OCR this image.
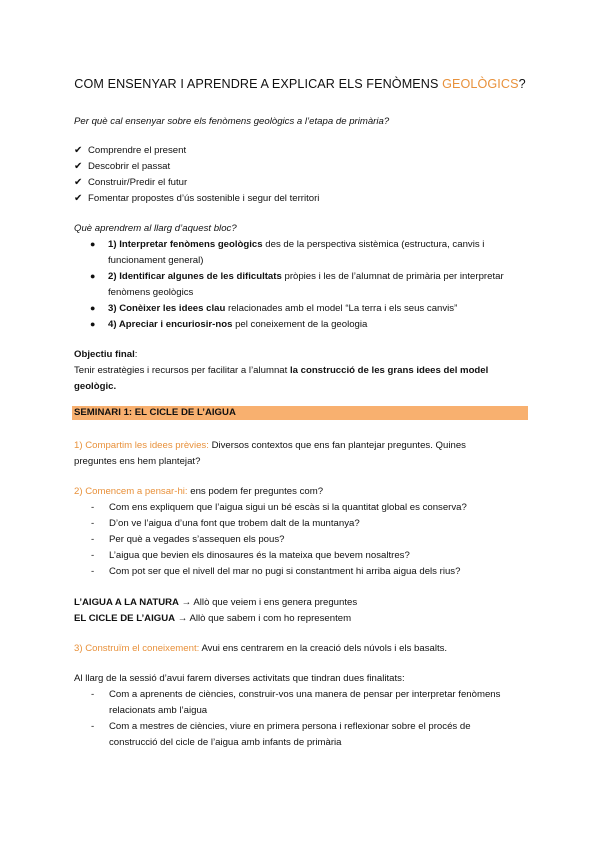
COM ENSENYAR I APRENDRE A EXPLICAR ELS FENÒMENS GEOLÒGICS?
Per què cal ensenyar sobre els fenòmens geològics a l’etapa de primària?
✔ Comprendre el present
✔ Descobrir el passat
✔ Construir/Predir el futur
✔ Fomentar propostes d’ús sostenible i segur del territori
Què aprendrem al llarg d’aquest bloc?
● 1) Interpretar fenòmens geològics des de la perspectiva sistèmica (estructura, canvis i
funcionament general)
● 2) Identificar algunes de les dificultats pròpies i les de l’alumnat de primària per interpretar
fenòmens geològics
● 3) Conèixer les idees clau relacionades amb el model “La terra i els seus canvis”
● 4) Apreciar i encuriosir-nos pel coneixement de la geologia
Objectiu final:
Tenir estratègies i recursos per facilitar a l’alumnat la construcció de les grans idees del model
geològic.
SEMINARI 1: EL CICLE DE L’AIGUA
1) Compartim les idees prèvies: Diversos contextos que ens fan plantejar preguntes. Quines
preguntes ens hem plantejat?
2) Comencem a pensar-hi: ens podem fer preguntes com?
- Com ens expliquem que l’aigua sigui un bé escàs si la quantitat global es conserva?
- D’on ve l’aigua d’una font que trobem dalt de la muntanya?
- Per què a vegades s’assequen els pous?
- L’aigua que bevien els dinosaures és la mateixa que bevem nosaltres?
- Com pot ser que el nivell del mar no pugi si constantment hi arriba aigua dels rius?
L’AIGUA A LA NATURA → Allò que veiem i ens genera preguntes
EL CICLE DE L’AIGUA → Allò que sabem i com ho representem
3) Construïm el coneixement: Avui ens centrarem en la creació dels núvols i els basalts.
Al llarg de la sessió d’avui farem diverses activitats que tindran dues finalitats:
- Com a aprenents de ciències, construir-vos una manera de pensar per interpretar fenòmens
relacionats amb l’aigua
- Com a mestres de ciències, viure en primera persona i reflexionar sobre el procés de
construcció del cicle de l’aigua amb infants de primària
